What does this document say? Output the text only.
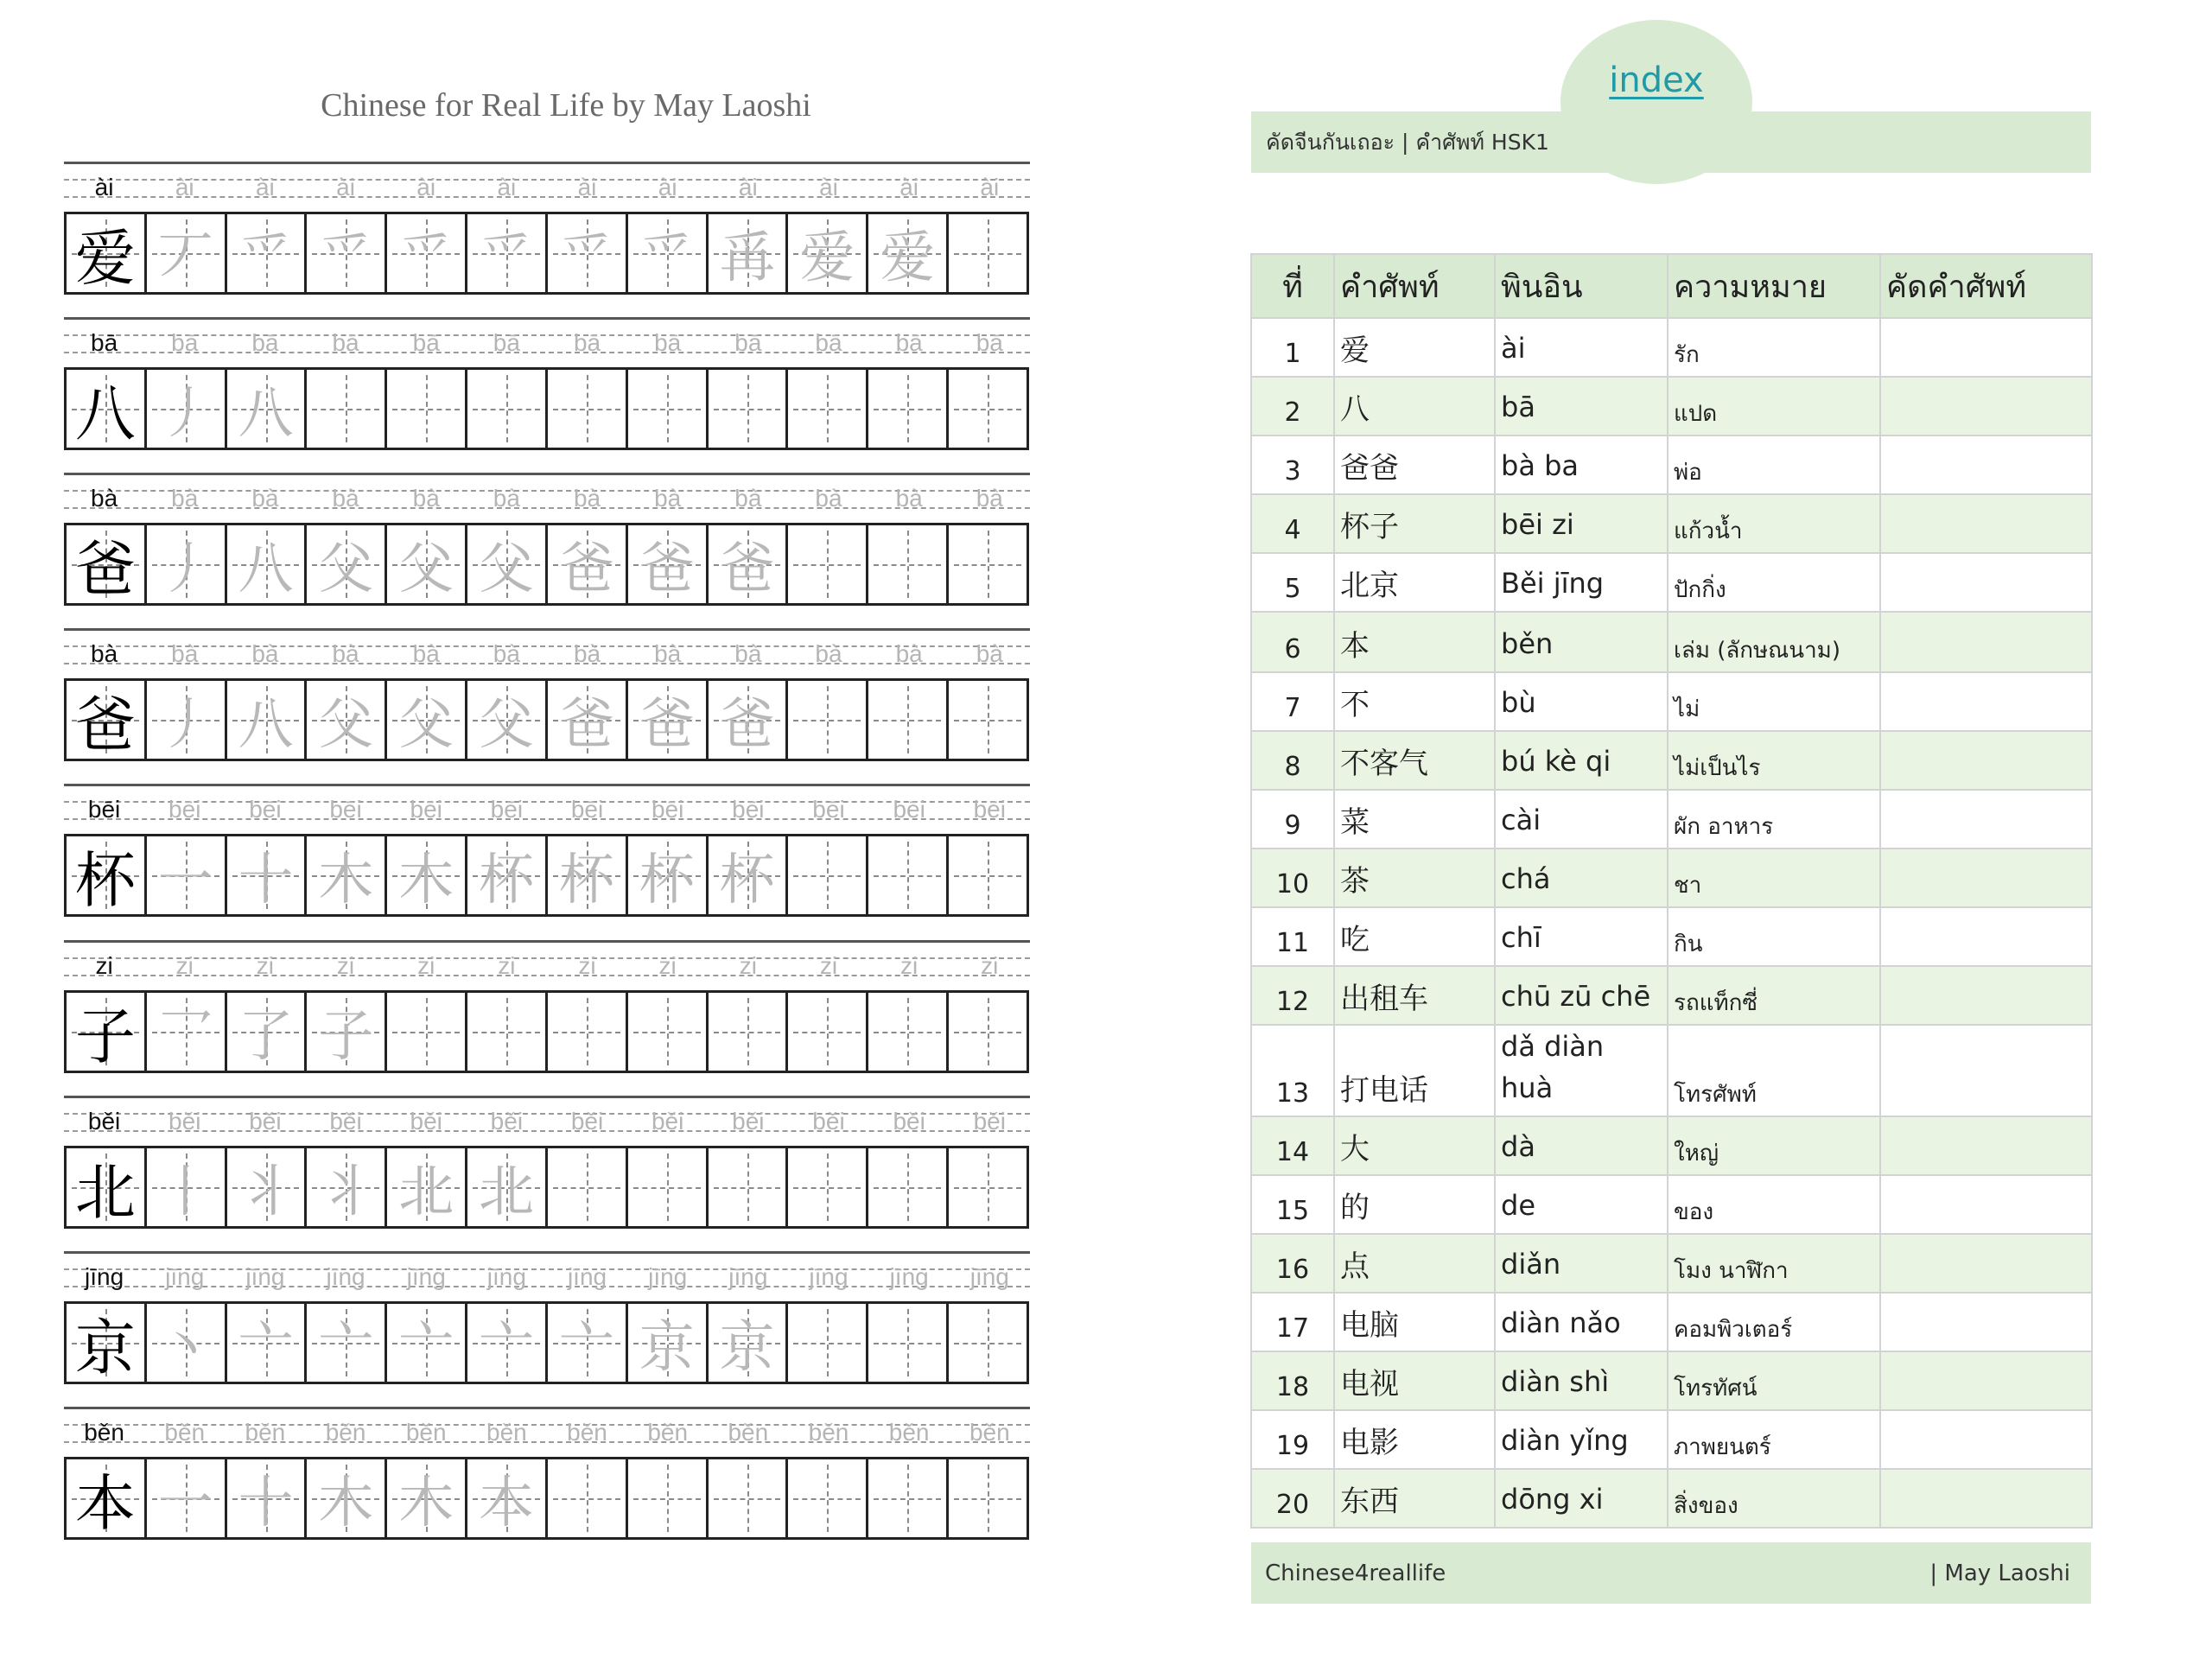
Chinese for Real Life by May Laoshi
ài	ài	ài	ài	ài	ài	ài	ài	ài	ài	ài	ài
爱 丆 爫 爫 爫 爫 爫 爫 爯 爱 爱
bā	bā	bā	bā	bā	bā	bā	bā	bā	bā	bā	bā
八 丿 八
bà	bà	bà	bà	bà	bà	bà	bà	bà	bà	bà	bà
爸 丿 八 父 父 父 爸 爸 爸
bà	bà	bà	bà	bà	bà	bà	bà	bà	bà	bà	bà
爸 丿 八 父 父 父 爸 爸 爸
bēi	bēi	bēi	bēi	bēi	bēi	bēi	bēi	bēi	bēi	bēi	bēi
杯 一 十 木 木 杯 杯 杯 杯
zi	zi	zi	zi	zi	zi	zi	zi	zi	zi	zi	zi
子 乛 了 子
běi	běi	běi	běi	běi	běi	běi	běi	běi	běi	běi	běi
北 丨 丬 丬 北 北
jīng	jīng	jīng	jīng	jīng	jīng	jīng	jīng	jīng	jīng	jīng	jīng
京 丶 亠 亠 亠 亠 亠 京 京
běn	běn	běn	běn	běn	běn	běn	běn	běn	běn	běn	běn
本 一 十 木 木 本
index
คัดจีนกันเถอะ | คำศัพท์ HSK1
ที่	คำศัพท์	พินอิน	ความหมาย	คัดคำศัพท์
1	爱	ài	รัก	
2	八	bā	แปด	
3	爸爸	bà ba	พ่อ	
4	杯子	bēi zi	แก้วน้ำ	
5	北京	Běi jīng	ปักกิ่ง	
6	本	běn	เล่ม (ลักษณนาม)	
7	不	bù	ไม่	
8	不客气	bú kè qi	ไม่เป็นไร	
9	菜	cài	ผัก อาหาร	
10	茶	chá	ชา	
11	吃	chī	กิน	
12	出租车	chū zū chē	รถแท็กซี่	
13	打电话	dǎ diàn huà	โทรศัพท์	
14	大	dà	ใหญ่	
15	的	de	ของ	
16	点	diǎn	โมง นาฬิกา	
17	电脑	diàn nǎo	คอมพิวเตอร์	
18	电视	diàn shì	โทรทัศน์	
19	电影	diàn yǐng	ภาพยนตร์	
20	东西	dōng xi	สิ่งของ	
Chinese4reallife	| May Laoshi
